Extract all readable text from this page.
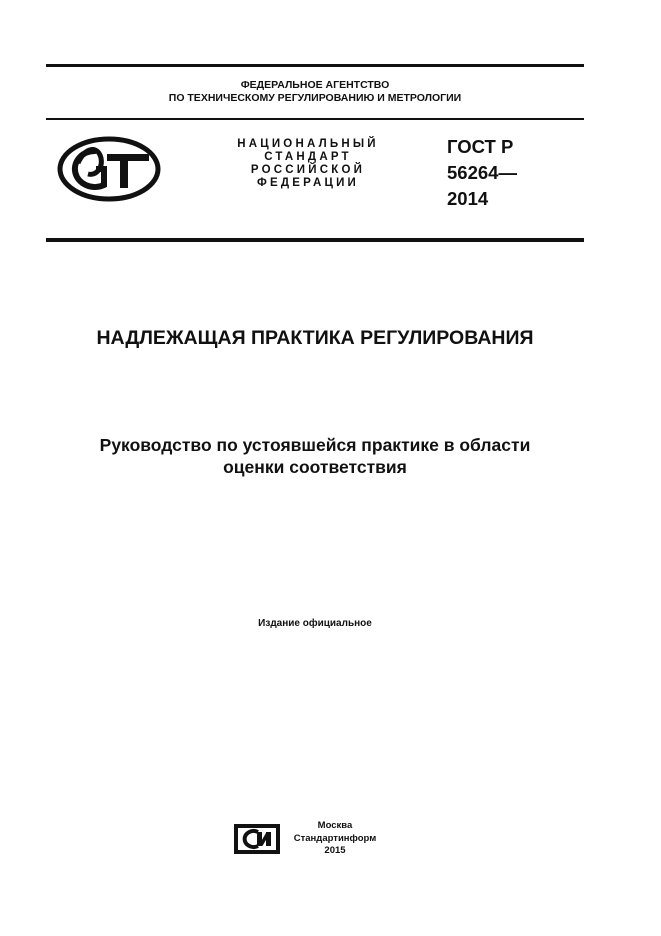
ФЕДЕРАЛЬНОЕ АГЕНТСТВО
ПО ТЕХНИЧЕСКОМУ РЕГУЛИРОВАНИЮ И МЕТРОЛОГИИ
НАЦИОНАЛЬНЫЙ
СТАНДАРТ
РОССИЙСКОЙ
ФЕДЕРАЦИИ
ГОСТ Р
56264—
2014
НАДЛЕЖАЩАЯ ПРАКТИКА РЕГУЛИРОВАНИЯ
Руководство по устоявшейся практике в области
оценки соответствия
Издание официальное
Москва
Стандартинформ
2015
